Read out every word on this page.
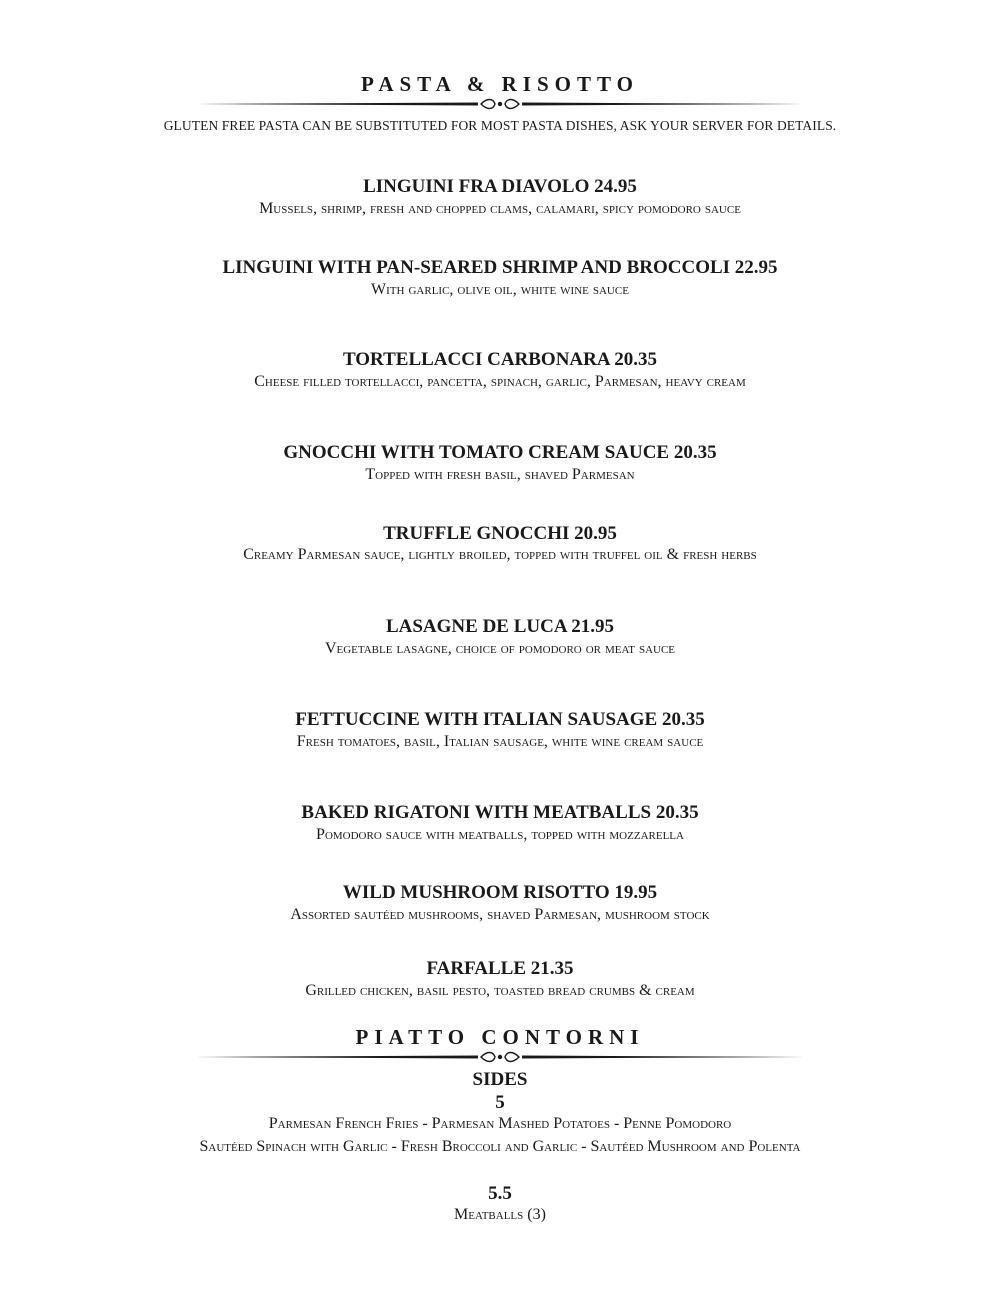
PASTA & RISOTTO
GLUTEN FREE PASTA CAN BE SUBSTITUTED FOR MOST PASTA DISHES, ASK YOUR SERVER FOR DETAILS.
LINGUINI FRA DIAVOLO 24.95
Mussels, shrimp, fresh and chopped clams, calamari, spicy pomodoro sauce
LINGUINI WITH PAN-SEARED SHRIMP AND BROCCOLI 22.95
With garlic, olive oil, white wine sauce
TORTELLACCI CARBONARA 20.35
Cheese filled tortellacci, pancetta, spinach, garlic, Parmesan, heavy cream
GNOCCHI WITH TOMATO CREAM SAUCE 20.35
Topped with fresh basil, shaved Parmesan
TRUFFLE GNOCCHI 20.95
Creamy Parmesan sauce, lightly broiled, topped with truffel oil & fresh herbs
LASAGNE DE LUCA 21.95
Vegetable lasagne, choice of pomodoro or meat sauce
FETTUCCINE WITH ITALIAN SAUSAGE 20.35
Fresh tomatoes, basil, Italian sausage, white wine cream sauce
BAKED RIGATONI WITH MEATBALLS 20.35
Pomodoro sauce with meatballs, topped with mozzarella
WILD MUSHROOM RISOTTO 19.95
Assorted sautéed mushrooms, shaved Parmesan, mushroom stock
FARFALLE 21.35
Grilled chicken, basil pesto, toasted bread crumbs & cream
PIATTO CONTORNI
SIDES
5
Parmesan French Fries - Parmesan Mashed Potatoes - Penne Pomodoro
Sautéed Spinach with Garlic - Fresh Broccoli and Garlic - Sautéed Mushroom and Polenta
5.5
Meatballs (3)
